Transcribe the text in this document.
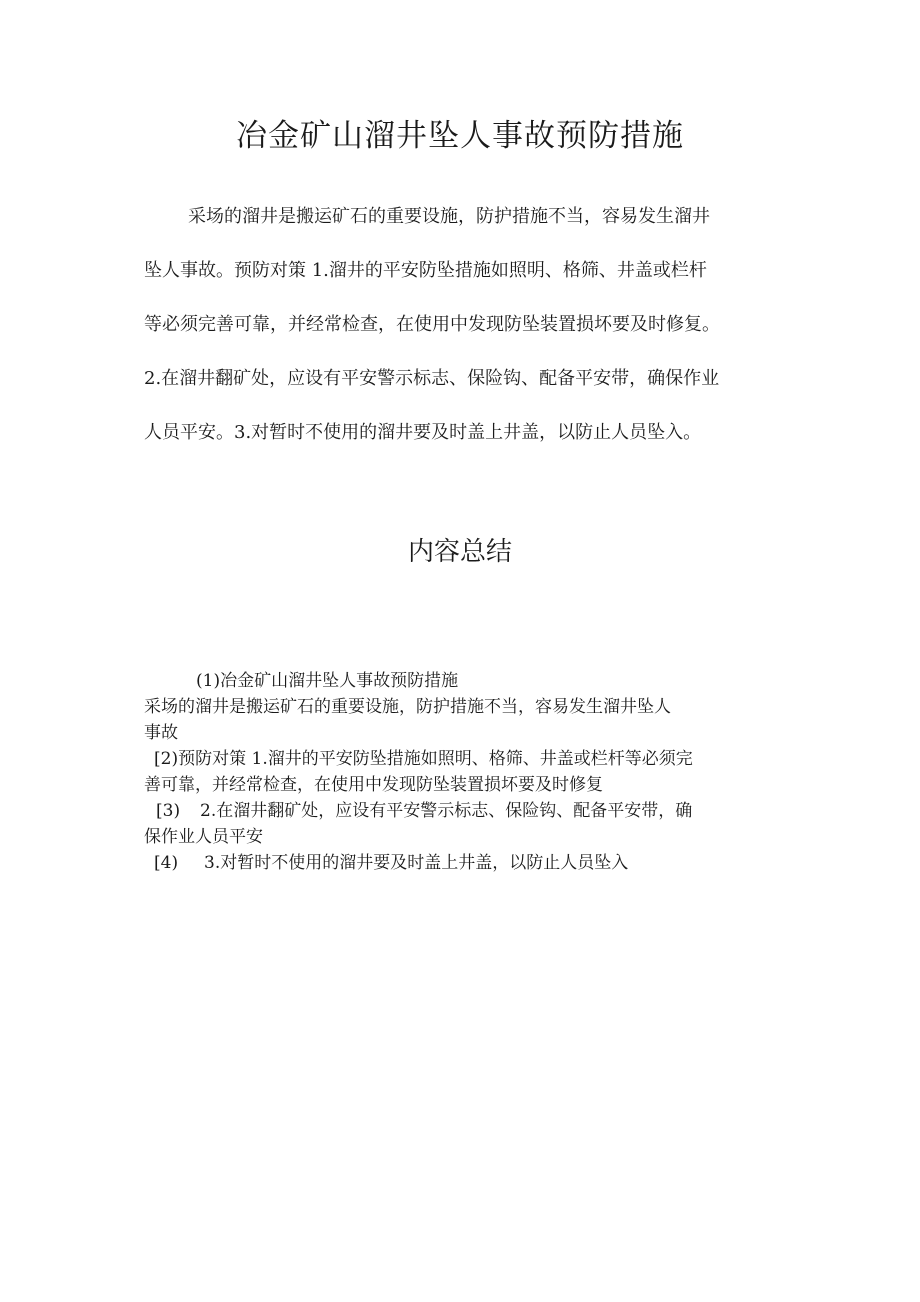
冶金矿山溜井坠人事故预防措施
采场的溜井是搬运矿石的重要设施，防护措施不当，容易发生溜井
坠人事故。预防对策 1.溜井的平安防坠措施如照明、格筛、井盖或栏杆
等必须完善可靠，并经常检查，在使用中发现防坠装置损坏要及时修复。
2.在溜井翻矿处，应设有平安警示标志、保险钩、配备平安带，确保作业
人员平安。3.对暂时不使用的溜井要及时盖上井盖，以防止人员坠入。
内容总结
(1)冶金矿山溜井坠人事故预防措施
采场的溜井是搬运矿石的重要设施，防护措施不当，容易发生溜井坠人
事故
[2)预防对策 1.溜井的平安防坠措施如照明、格筛、井盖或栏杆等必须完
善可靠，并经常检查，在使用中发现防坠装置损坏要及时修复
[3) 2.在溜井翻矿处，应设有平安警示标志、保险钩、配备平安带，确
保作业人员平安
[4) 3.对暂时不使用的溜井要及时盖上井盖，以防止人员坠入
